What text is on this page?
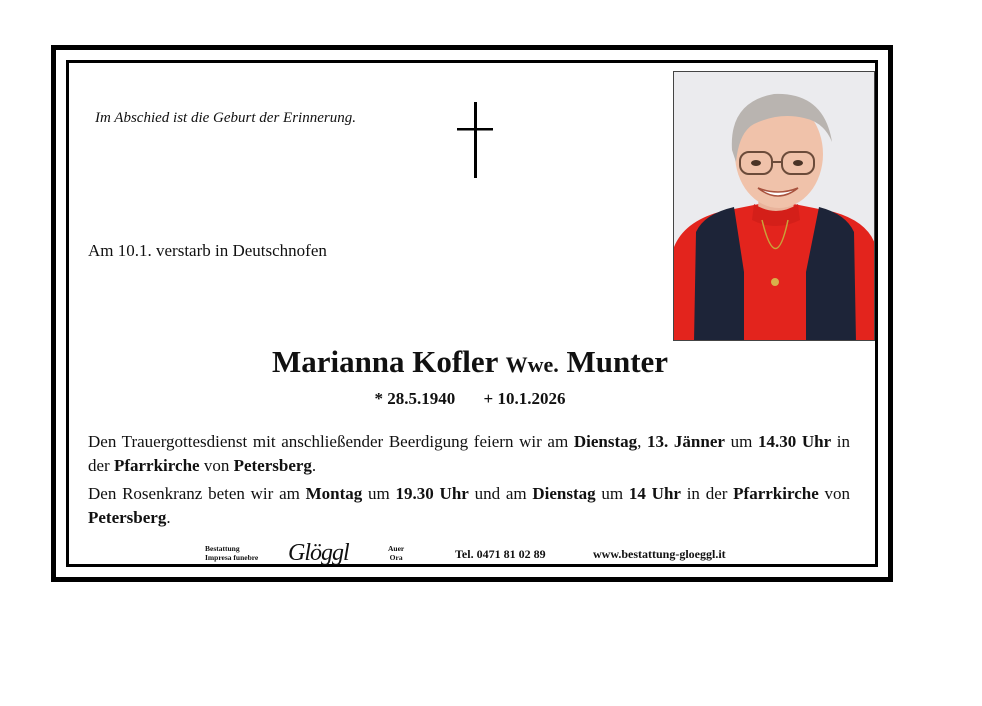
Im Abschied ist die Geburt der Erinnerung.
Am 10.1. verstarb in Deutschnofen
Marianna Kofler Wwe. Munter
* 28.5.1940 + 10.1.2026
Den Trauergottesdienst mit anschließender Beerdigung feiern wir am Dienstag, 13. Jänner um 14.30 Uhr in der Pfarrkirche von Petersberg.
Den Rosenkranz beten wir am Montag um 19.30 Uhr und am Dienstag um 14 Uhr in der Pfarrkirche von Petersberg.
Bestattung
Impresa funebre Glöggl	Auer
Ora	Tel. 0471 81 02 89	www.bestattung-gloeggl.it
